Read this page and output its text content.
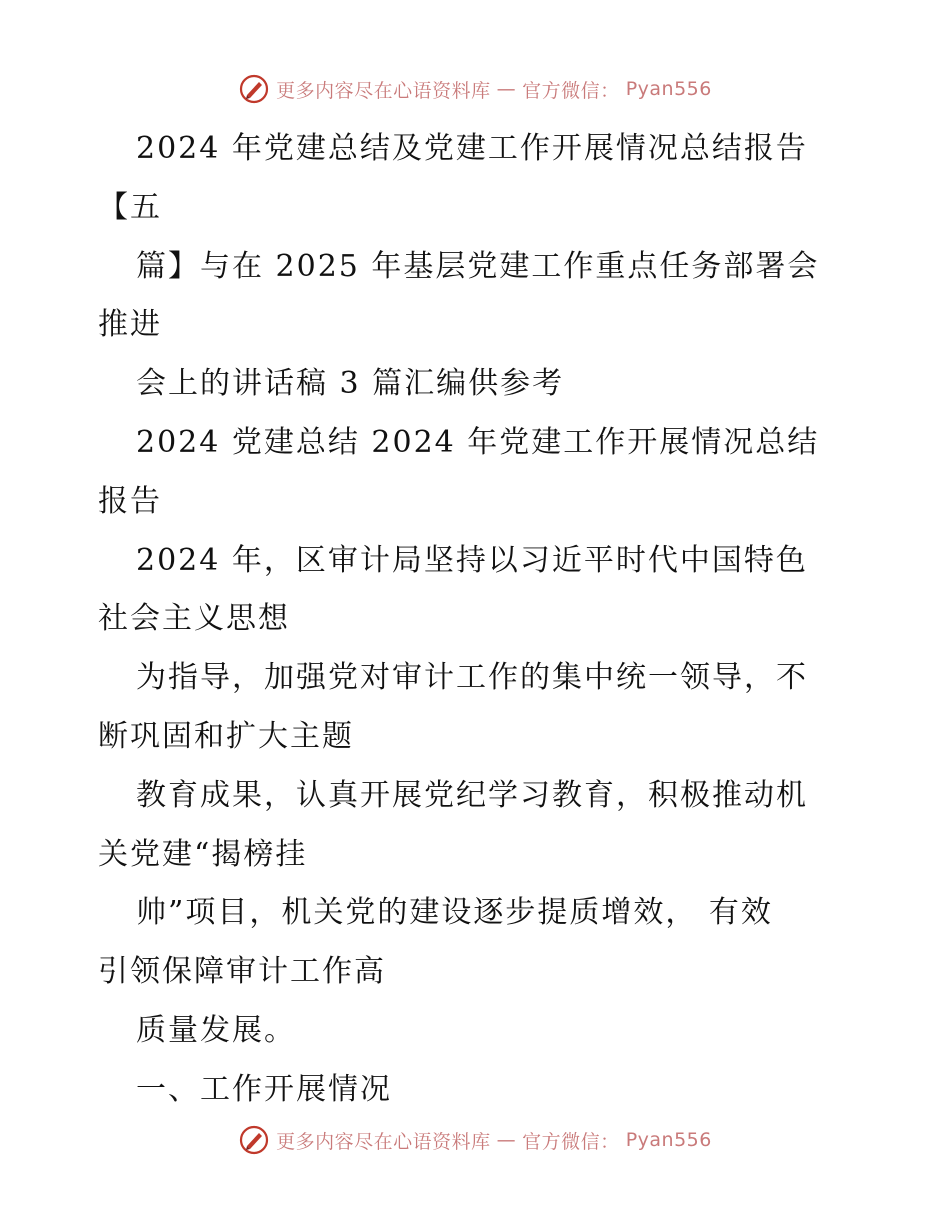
更多内容尽在心语资料库 — 官方微信： Pyan556
2024 年党建总结及党建工作开展情况总结报告
【五
篇】与在 2025 年基层党建工作重点任务部署会
推进
会上的讲话稿 3 篇汇编供参考
2024 党建总结 2024 年党建工作开展情况总结
报告
2024 年，区审计局坚持以习近平时代中国特色
社会主义思想
为指导，加强党对审计工作的集中统一领导，不
断巩固和扩大主题
教育成果，认真开展党纪学习教育，积极推动机
关党建“揭榜挂
帅”项目，机关党的建设逐步提质增效， 有效
引领保障审计工作高
质量发展。
一、工作开展情况
更多内容尽在心语资料库 — 官方微信： Pyan556
